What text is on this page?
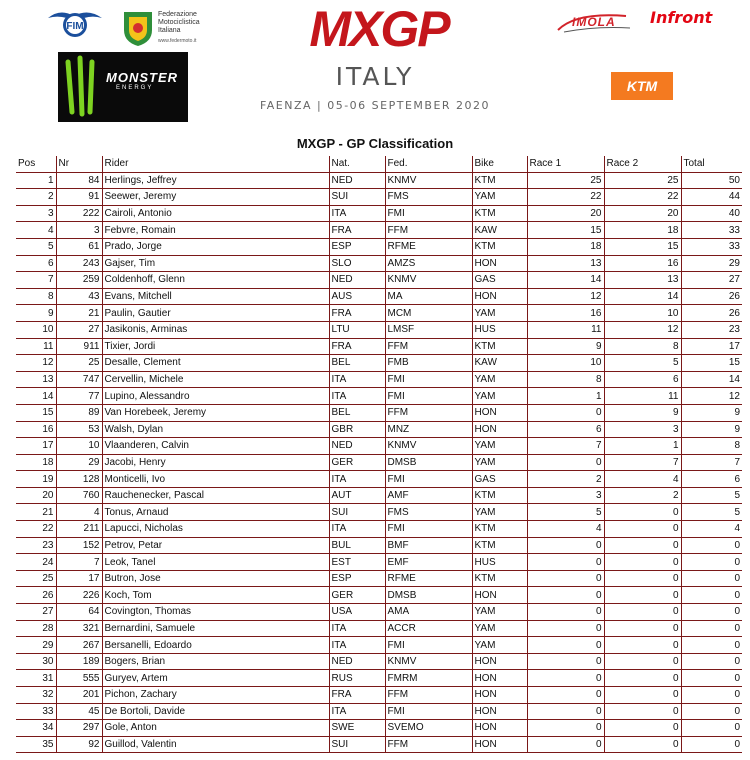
FIM
Federazione
Motociclistica
Italiana
www.federmoto.it MXGP
ITALY
FAENZA | 05-06 SEPTEMBER 2020
MONSTER
ENERGY
IMOLA Infront
KTM
MXGP - GP Classification
Pos	Nr	Rider	Nat.	Fed.	Bike	Race 1	Race 2	Total
1	84	Herlings, Jeffrey	NED	KNMV	KTM	25	25	50
2	91	Seewer, Jeremy	SUI	FMS	YAM	22	22	44
3	222	Cairoli, Antonio	ITA	FMI	KTM	20	20	40
4	3	Febvre, Romain	FRA	FFM	KAW	15	18	33
5	61	Prado, Jorge	ESP	RFME	KTM	18	15	33
6	243	Gajser, Tim	SLO	AMZS	HON	13	16	29
7	259	Coldenhoff, Glenn	NED	KNMV	GAS	14	13	27
8	43	Evans, Mitchell	AUS	MA	HON	12	14	26
9	21	Paulin, Gautier	FRA	MCM	YAM	16	10	26
10	27	Jasikonis, Arminas	LTU	LMSF	HUS	11	12	23
11	911	Tixier, Jordi	FRA	FFM	KTM	9	8	17
12	25	Desalle, Clement	BEL	FMB	KAW	10	5	15
13	747	Cervellin, Michele	ITA	FMI	YAM	8	6	14
14	77	Lupino, Alessandro	ITA	FMI	YAM	1	11	12
15	89	Van Horebeek, Jeremy	BEL	FFM	HON	0	9	9
16	53	Walsh, Dylan	GBR	MNZ	HON	6	3	9
17	10	Vlaanderen, Calvin	NED	KNMV	YAM	7	1	8
18	29	Jacobi, Henry	GER	DMSB	YAM	0	7	7
19	128	Monticelli, Ivo	ITA	FMI	GAS	2	4	6
20	760	Rauchenecker, Pascal	AUT	AMF	KTM	3	2	5
21	4	Tonus, Arnaud	SUI	FMS	YAM	5	0	5
22	211	Lapucci, Nicholas	ITA	FMI	KTM	4	0	4
23	152	Petrov, Petar	BUL	BMF	KTM	0	0	0
24	7	Leok, Tanel	EST	EMF	HUS	0	0	0
25	17	Butron, Jose	ESP	RFME	KTM	0	0	0
26	226	Koch, Tom	GER	DMSB	HON	0	0	0
27	64	Covington, Thomas	USA	AMA	YAM	0	0	0
28	321	Bernardini, Samuele	ITA	ACCR	YAM	0	0	0
29	267	Bersanelli, Edoardo	ITA	FMI	YAM	0	0	0
30	189	Bogers, Brian	NED	KNMV	HON	0	0	0
31	555	Guryev, Artem	RUS	FMRM	HON	0	0	0
32	201	Pichon, Zachary	FRA	FFM	HON	0	0	0
33	45	De Bortoli, Davide	ITA	FMI	HON	0	0	0
34	297	Gole, Anton	SWE	SVEMO	HON	0	0	0
35	92	Guillod, Valentin	SUI	FFM	HON	0	0	0
